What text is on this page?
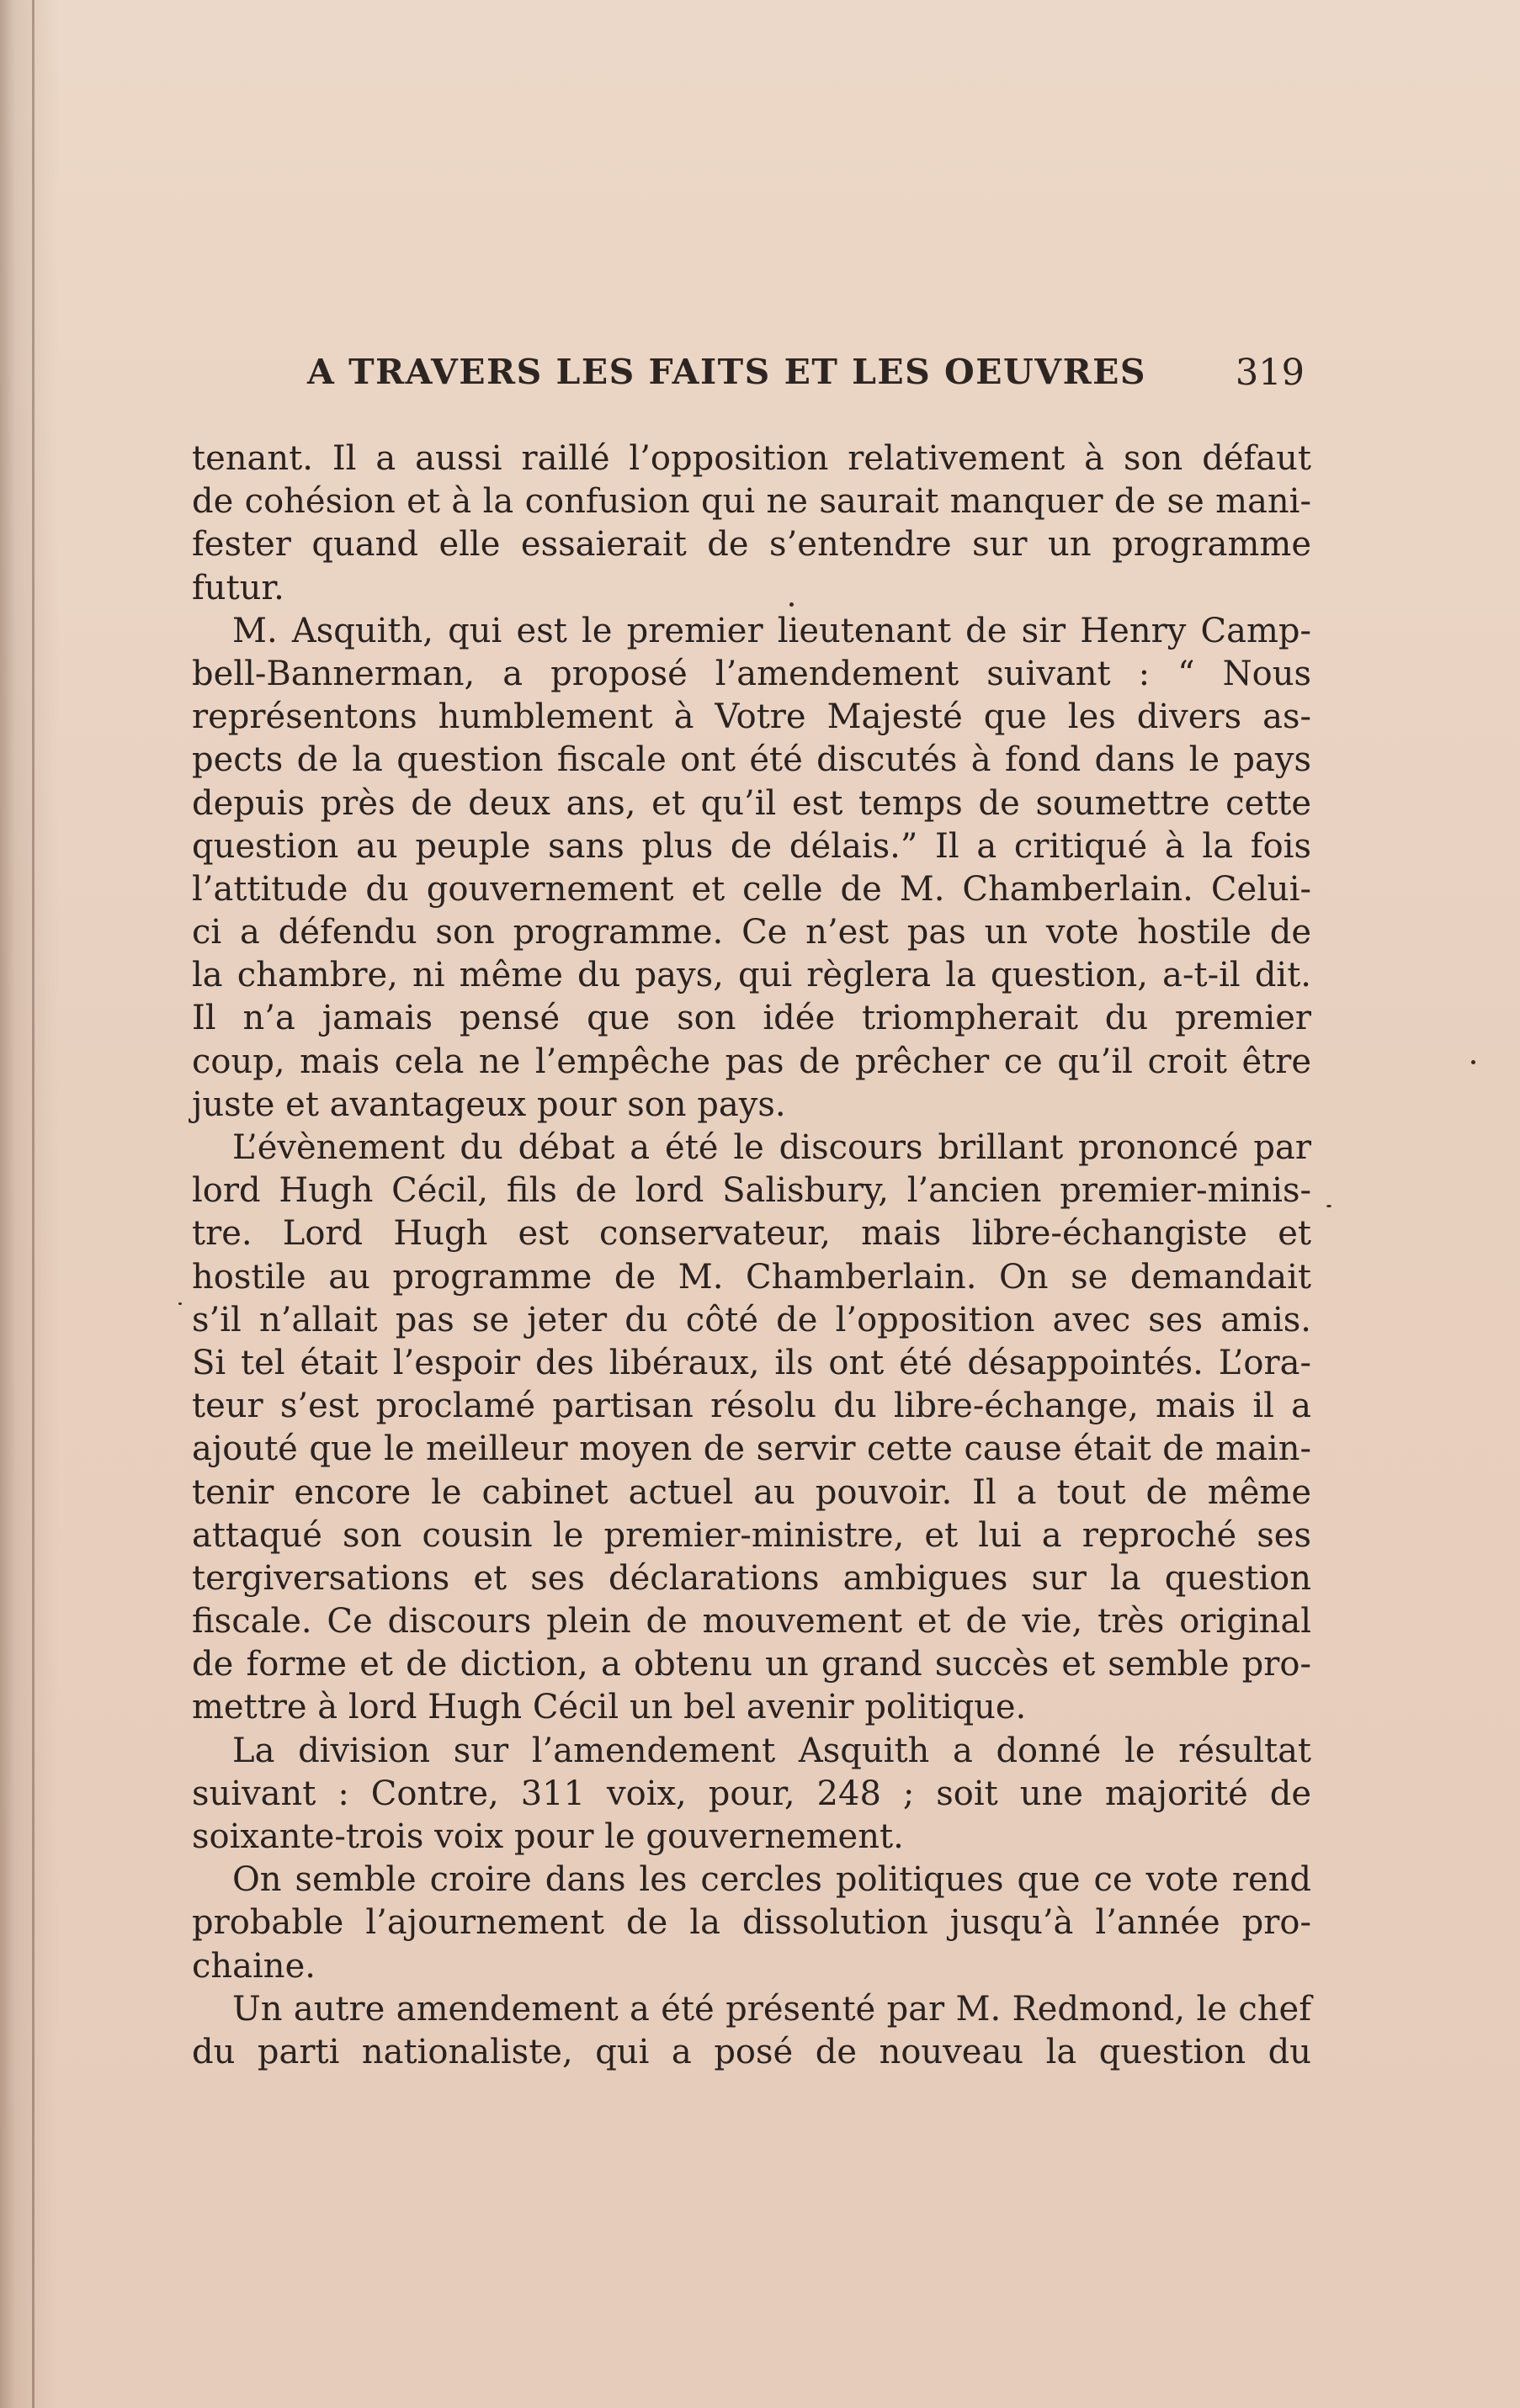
A TRAVERS LES FAITS ET LES OEUVRES 319
tenant. Il a aussi raillé l’opposition relativement à son défaut
de cohésion et à la confusion qui ne saurait manquer de se mani-
fester quand elle essaierait de s’entendre sur un programme
futur.
M. Asquith, qui est le premier lieutenant de sir Henry Camp-
bell-Bannerman, a proposé l’amendement suivant : “ Nous
représentons humblement à Votre Majesté que les divers as-
pects de la question fiscale ont été discutés à fond dans le pays
depuis près de deux ans, et qu’il est temps de soumettre cette
question au peuple sans plus de délais.” Il a critiqué à la fois
l’attitude du gouvernement et celle de M. Chamberlain. Celui-
ci a défendu son programme. Ce n’est pas un vote hostile de
la chambre, ni même du pays, qui règlera la question, a-t-il dit.
Il n’a jamais pensé que son idée triompherait du premier
coup, mais cela ne l’empêche pas de prêcher ce qu’il croit être
juste et avantageux pour son pays.
L’évènement du débat a été le discours brillant prononcé par
lord Hugh Cécil, fils de lord Salisbury, l’ancien premier-minis-
tre. Lord Hugh est conservateur, mais libre-échangiste et
hostile au programme de M. Chamberlain. On se demandait
s’il n’allait pas se jeter du côté de l’opposition avec ses amis.
Si tel était l’espoir des libéraux, ils ont été désappointés. L’ora-
teur s’est proclamé partisan résolu du libre-échange, mais il a
ajouté que le meilleur moyen de servir cette cause était de main-
tenir encore le cabinet actuel au pouvoir. Il a tout de même
attaqué son cousin le premier-ministre, et lui a reproché ses
tergiversations et ses déclarations ambigues sur la question
fiscale. Ce discours plein de mouvement et de vie, très original
de forme et de diction, a obtenu un grand succès et semble pro-
mettre à lord Hugh Cécil un bel avenir politique.
La division sur l’amendement Asquith a donné le résultat
suivant : Contre, 311 voix, pour, 248 ; soit une majorité de
soixante-trois voix pour le gouvernement.
On semble croire dans les cercles politiques que ce vote rend
probable l’ajournement de la dissolution jusqu’à l’année pro-
chaine.
Un autre amendement a été présenté par M. Redmond, le chef
du parti nationaliste, qui a posé de nouveau la question du
